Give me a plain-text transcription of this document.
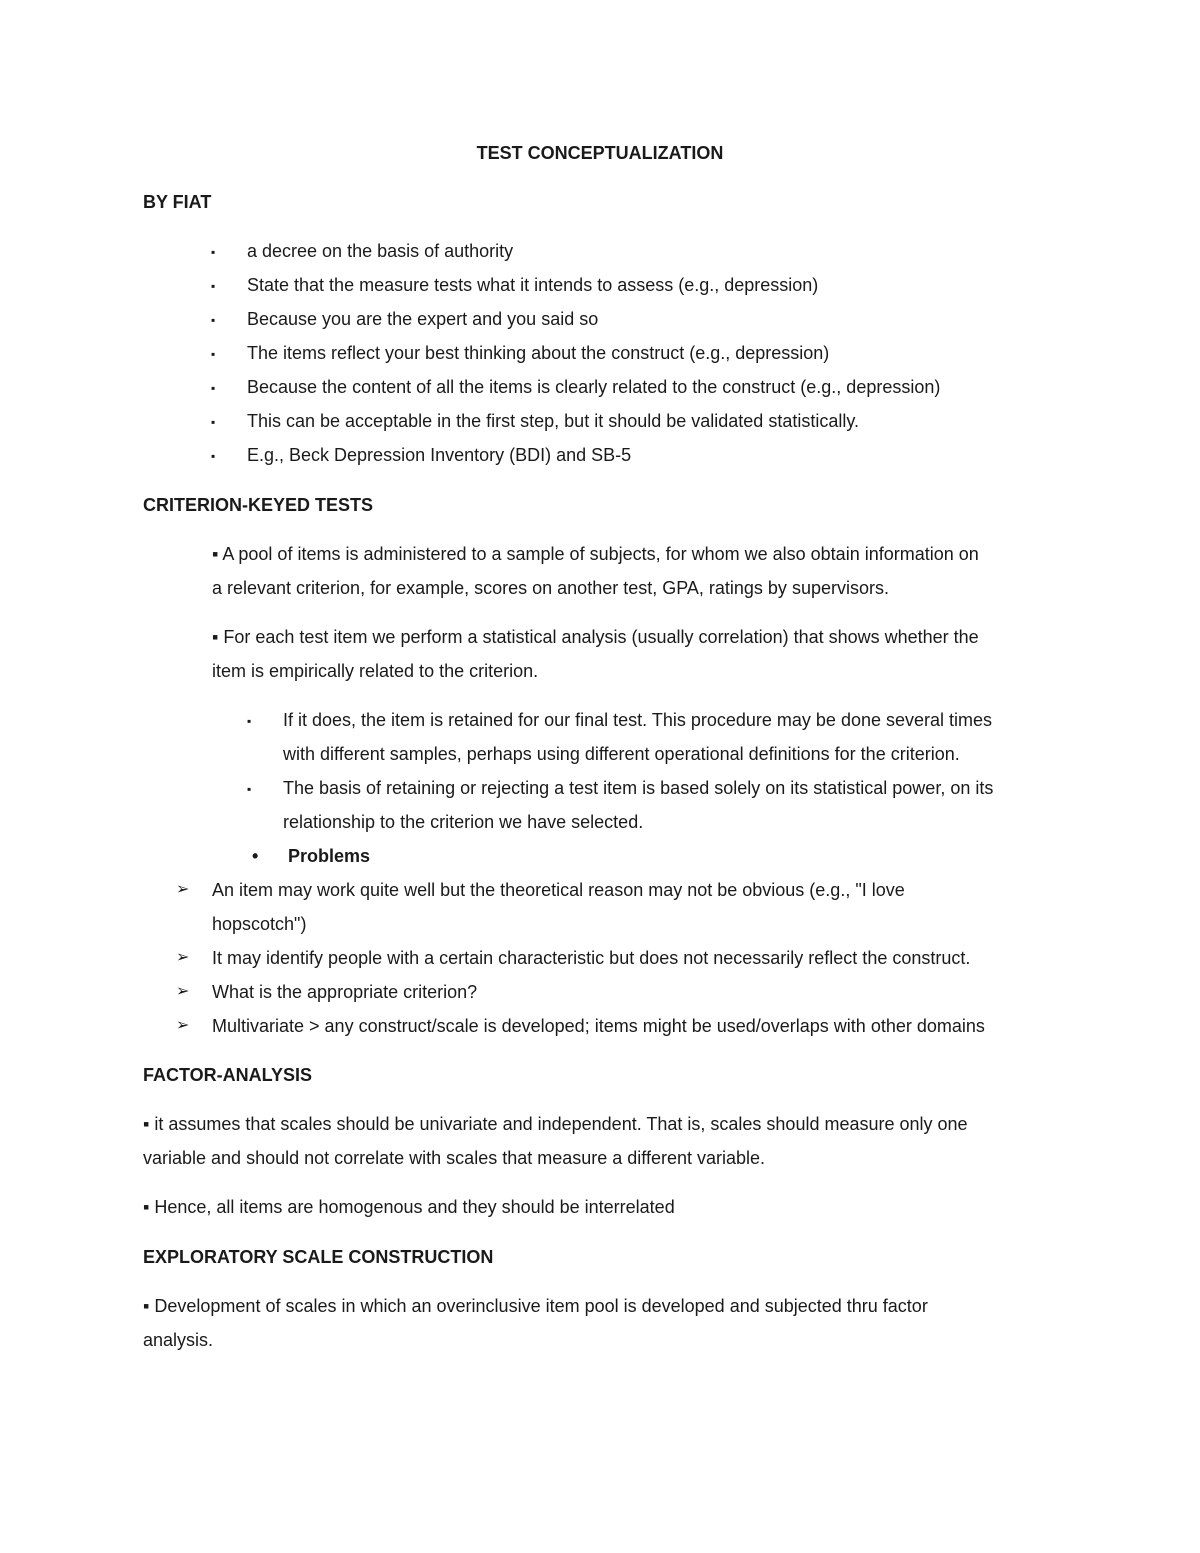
TEST CONCEPTUALIZATION
BY FIAT
▪ a decree on the basis of authority
▪ State that the measure tests what it intends to assess (e.g., depression)
▪ Because you are the expert and you said so
▪ The items reflect your best thinking about the construct (e.g., depression)
▪ Because the content of all the items is clearly related to the construct (e.g., depression)
▪ This can be acceptable in the first step, but it should be validated statistically.
▪ E.g., Beck Depression Inventory (BDI) and SB-5
CRITERION-KEYED TESTS
▪ A pool of items is administered to a sample of subjects, for whom we also obtain information on
a relevant criterion, for example, scores on another test, GPA, ratings by supervisors.
▪ For each test item we perform a statistical analysis (usually correlation) that shows whether the
item is empirically related to the criterion.
▪ If it does, the item is retained for our final test. This procedure may be done several times
with different samples, perhaps using different operational definitions for the criterion.
▪ The basis of retaining or rejecting a test item is based solely on its statistical power, on its
relationship to the criterion we have selected.
• Problems
➢ An item may work quite well but the theoretical reason may not be obvious (e.g., "I love
hopscotch")
➢ It may identify people with a certain characteristic but does not necessarily reflect the construct.
➢ What is the appropriate criterion?
➢ Multivariate > any construct/scale is developed; items might be used/overlaps with other domains
FACTOR-ANALYSIS
▪ it assumes that scales should be univariate and independent. That is, scales should measure only one
variable and should not correlate with scales that measure a different variable.
▪ Hence, all items are homogenous and they should be interrelated
EXPLORATORY SCALE CONSTRUCTION
▪ Development of scales in which an overinclusive item pool is developed and subjected thru factor
analysis.
